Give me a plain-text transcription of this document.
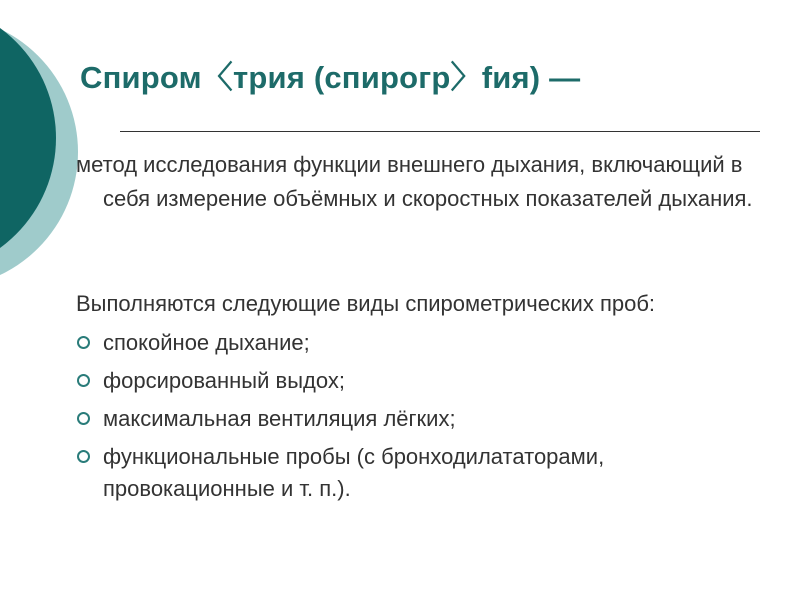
Спиром〈трия (спирогр〉fия) —

метод исследования функции внешнего дыхания, включающий в себя измерение объёмных и скоростных показателей дыхания.

Выполняются следующие виды спирометрических проб:

спокойное дыхание;
форсированный выдох;
максимальная вентиляция лёгких;
функциональные пробы (с бронходилататорами, провокационные и т. п.).
